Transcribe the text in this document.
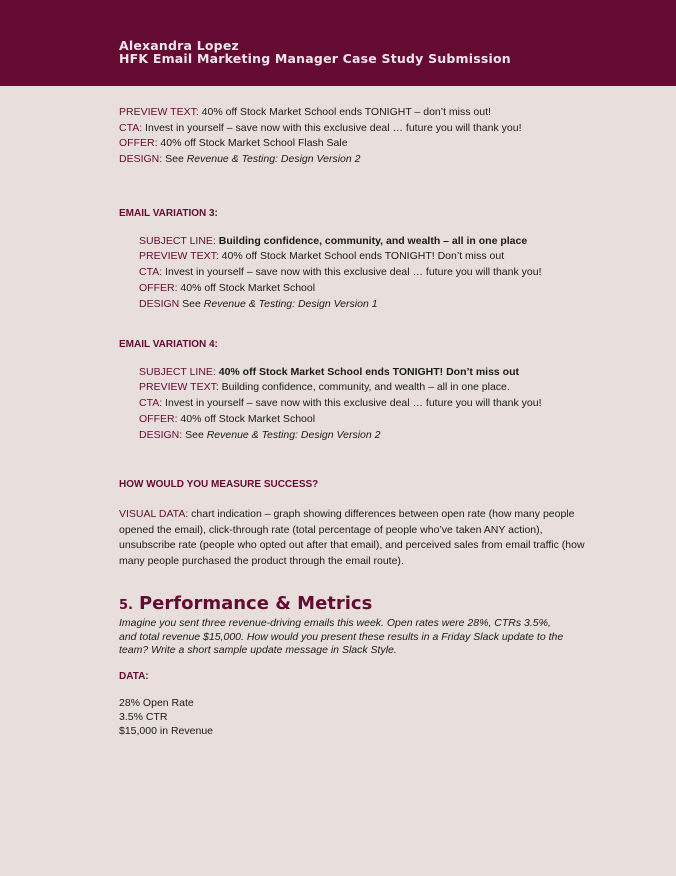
Alexandra Lopez
HFK Email Marketing Manager Case Study Submission
PREVIEW TEXT: 40% off Stock Market School ends TONIGHT – don’t miss out!
CTA: Invest in yourself – save now with this exclusive deal … future you will thank you!
OFFER: 40% off Stock Market School Flash Sale
DESIGN: See Revenue & Testing: Design Version 2
EMAIL VARIATION 3:
SUBJECT LINE: Building confidence, community, and wealth – all in one place
PREVIEW TEXT: 40% off Stock Market School ends TONIGHT! Don’t miss out
CTA: Invest in yourself – save now with this exclusive deal … future you will thank you!
OFFER: 40% off Stock Market School
DESIGN See Revenue & Testing: Design Version 1
EMAIL VARIATION 4:
SUBJECT LINE: 40% off Stock Market School ends TONIGHT! Don’t miss out
PREVIEW TEXT: Building confidence, community, and wealth – all in one place.
CTA: Invest in yourself – save now with this exclusive deal … future you will thank you!
OFFER: 40% off Stock Market School
DESIGN: See Revenue & Testing: Design Version 2
HOW WOULD YOU MEASURE SUCCESS?
VISUAL DATA: chart indication – graph showing differences between open rate (how many people opened the email), click-through rate (total percentage of people who’ve taken ANY action), unsubscribe rate (people who opted out after that email), and perceived sales from email traffic (how many people purchased the product through the email route).
5. Performance & Metrics
Imagine you sent three revenue-driving emails this week. Open rates were 28%, CTRs 3.5%, and total revenue $15,000. How would you present these results in a Friday Slack update to the team? Write a short sample update message in Slack Style.
DATA:
28% Open Rate
3.5% CTR
$15,000 in Revenue
